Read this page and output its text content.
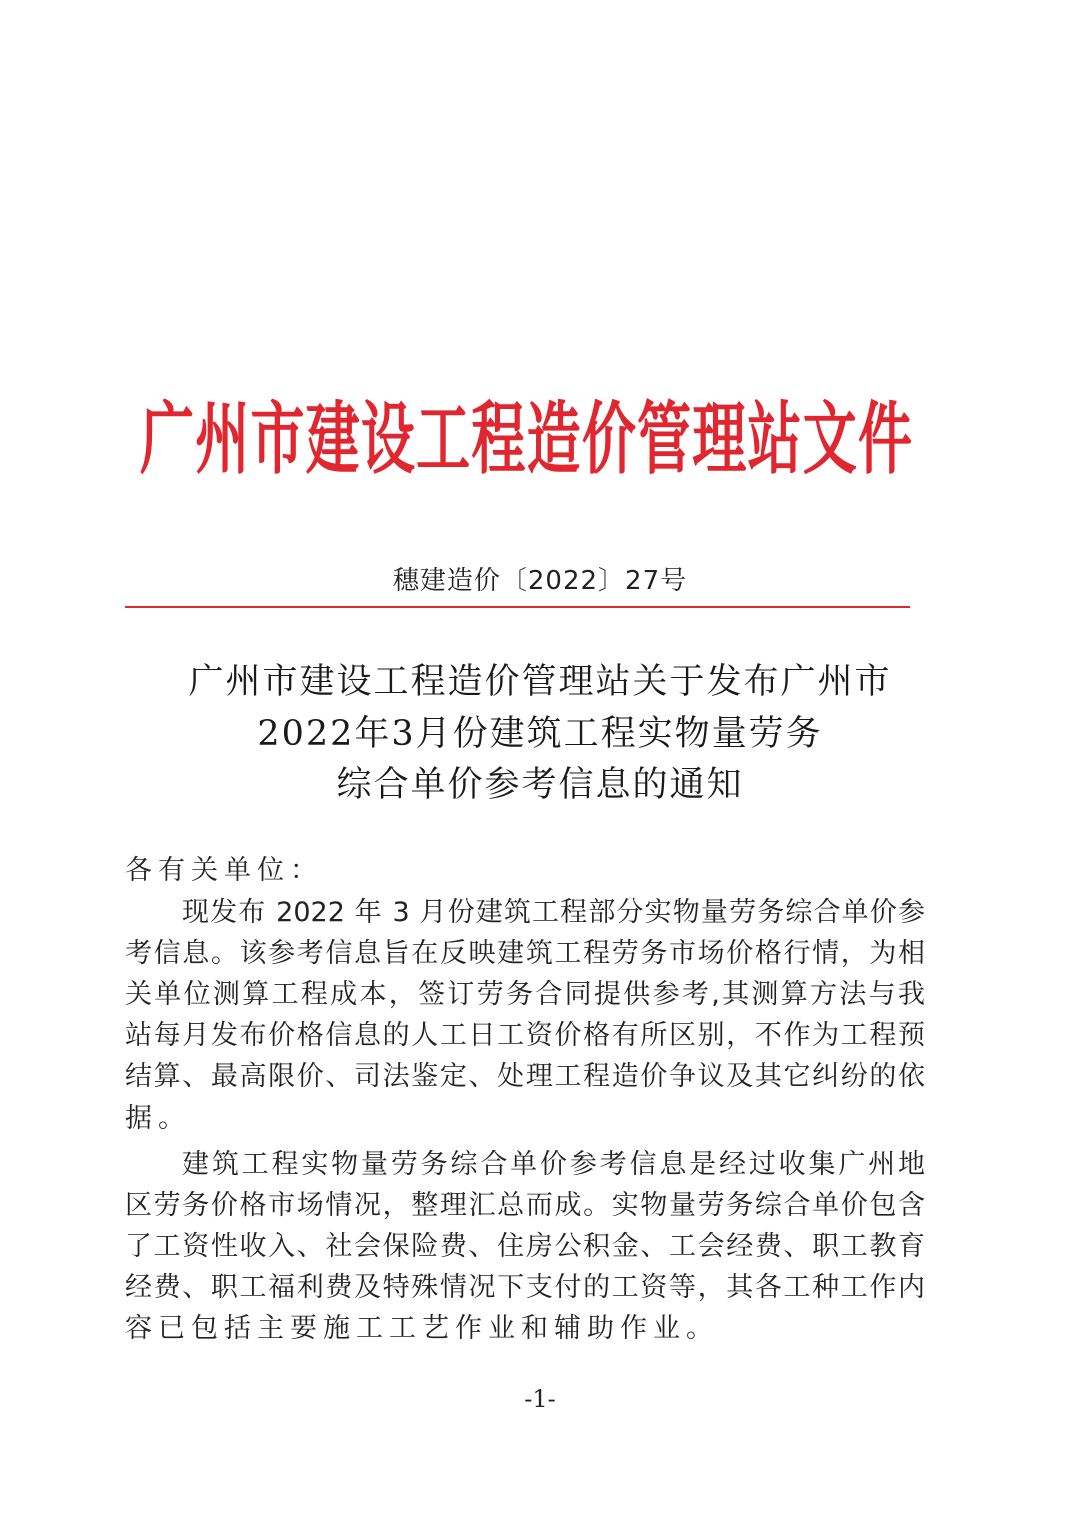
广州市建设工程造价管理站文件
穗建造价〔2022〕27号
广州市建设工程造价管理站关于发布广州市
2022年3月份建筑工程实物量劳务
综合单价参考信息的通知
各有关单位：
现发布 2022 年 3 月份建筑工程部分实物量劳务综合单价参
考信息。该参考信息旨在反映建筑工程劳务市场价格行情，为相
关单位测算工程成本，签订劳务合同提供参考,其测算方法与我
站每月发布价格信息的人工日工资价格有所区别，不作为工程预
结算、最高限价、司法鉴定、处理工程造价争议及其它纠纷的依
据。
建筑工程实物量劳务综合单价参考信息是经过收集广州地
区劳务价格市场情况，整理汇总而成。实物量劳务综合单价包含
了工资性收入、社会保险费、住房公积金、工会经费、职工教育
经费、职工福利费及特殊情况下支付的工资等，其各工种工作内
容已包括主要施工工艺作业和辅助作业。
-1-
